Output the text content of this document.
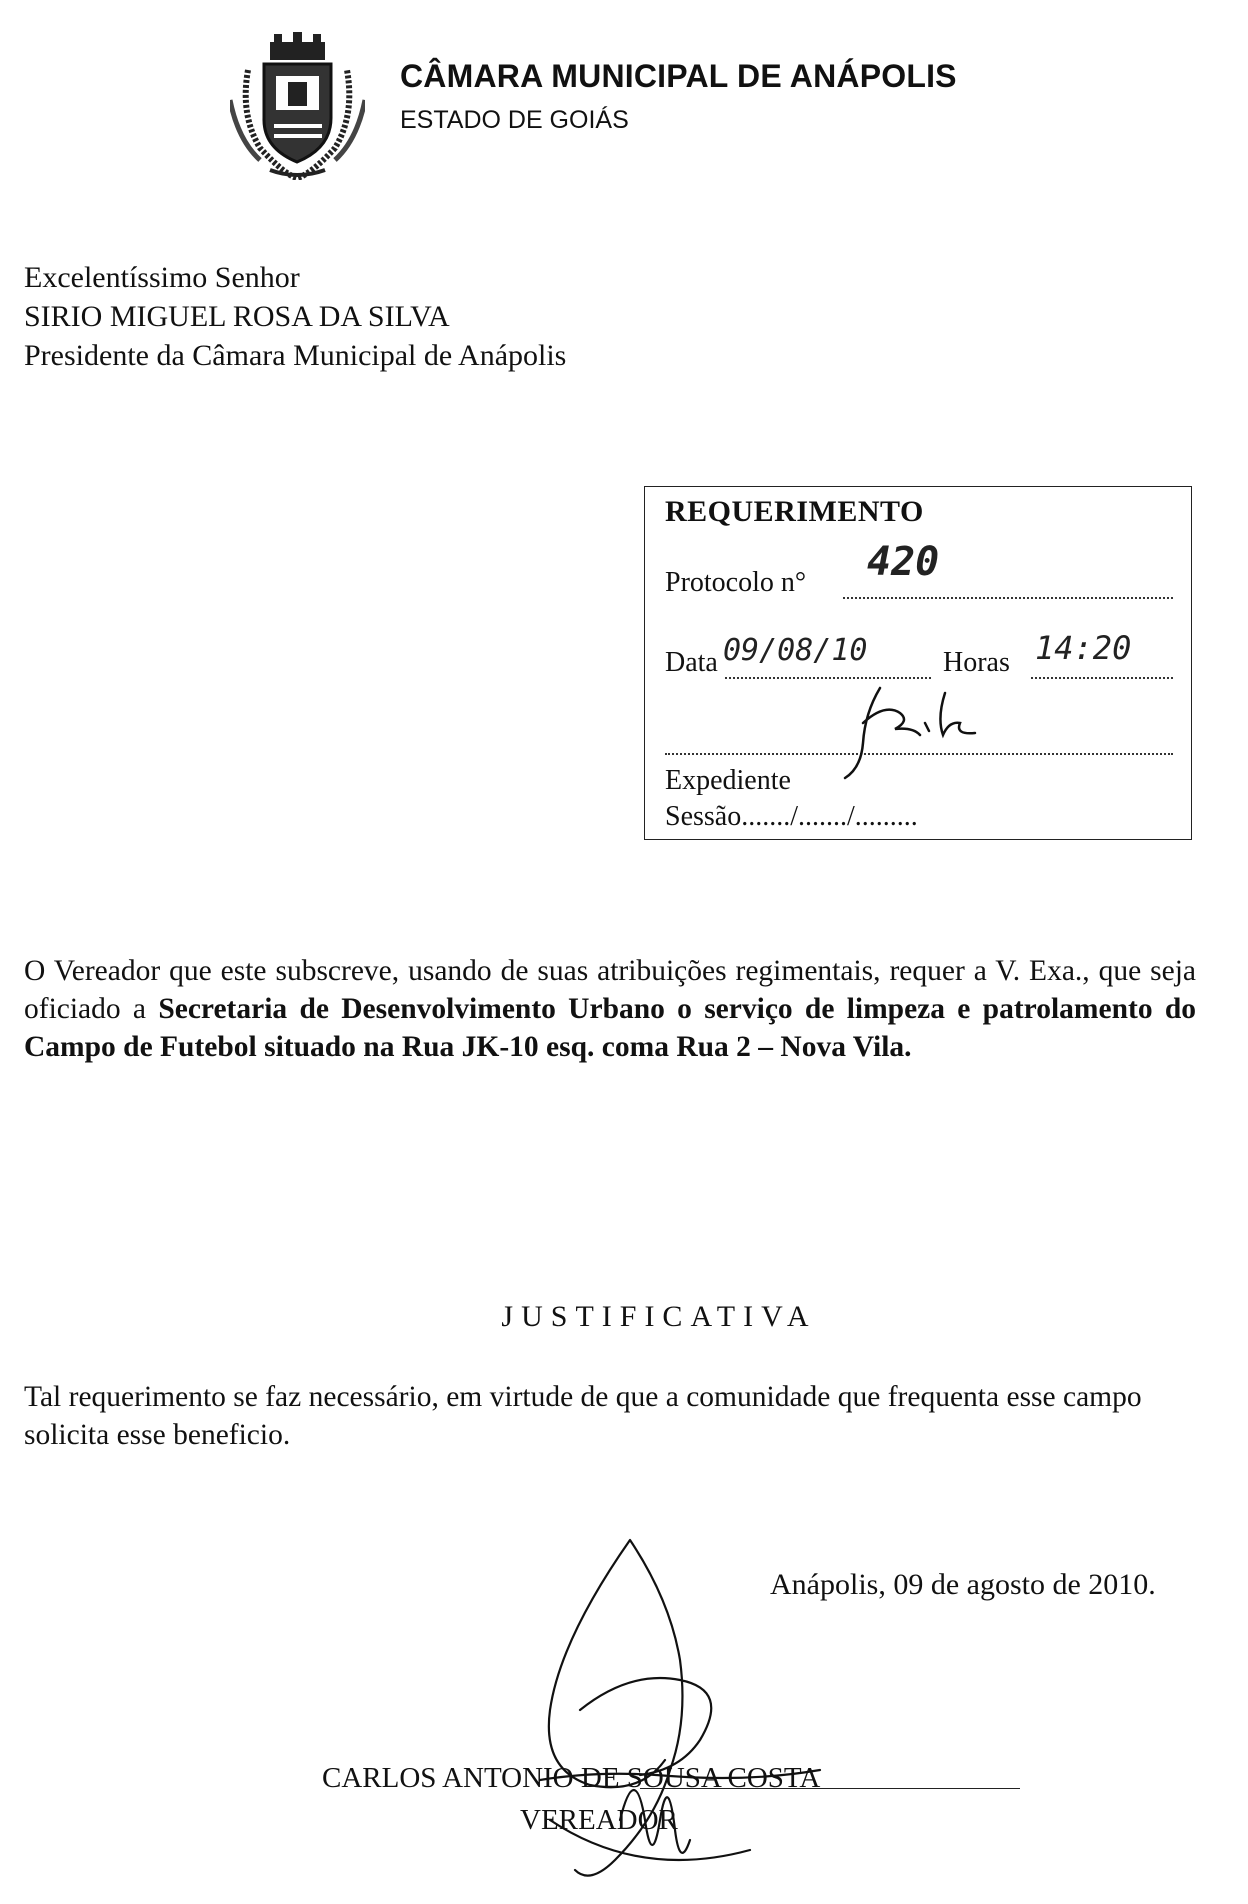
CÂMARA MUNICIPAL DE ANÁPOLIS
ESTADO DE GOIÁS
Excelentíssimo Senhor
SIRIO MIGUEL ROSA DA SILVA
Presidente da Câmara Municipal de Anápolis
REQUERIMENTO
Protocolo n° 420
Data 09/08/10	Horas 14:20
Expediente
Sessão......./......./.........
O Vereador que este subscreve, usando de suas atribuições regimentais, requer a V. Exa., que seja oficiado a Secretaria de Desenvolvimento Urbano o serviço de limpeza e patrolamento do Campo de Futebol situado na Rua JK-10 esq. coma Rua 2 – Nova Vila.
JUSTIFICATIVA
Tal requerimento se faz necessário, em virtude de que a comunidade que frequenta esse campo solicita esse beneficio.
Anápolis, 09 de agosto de 2010.
CARLOS ANTONIO DE SOUSA COSTA
VEREADOR
